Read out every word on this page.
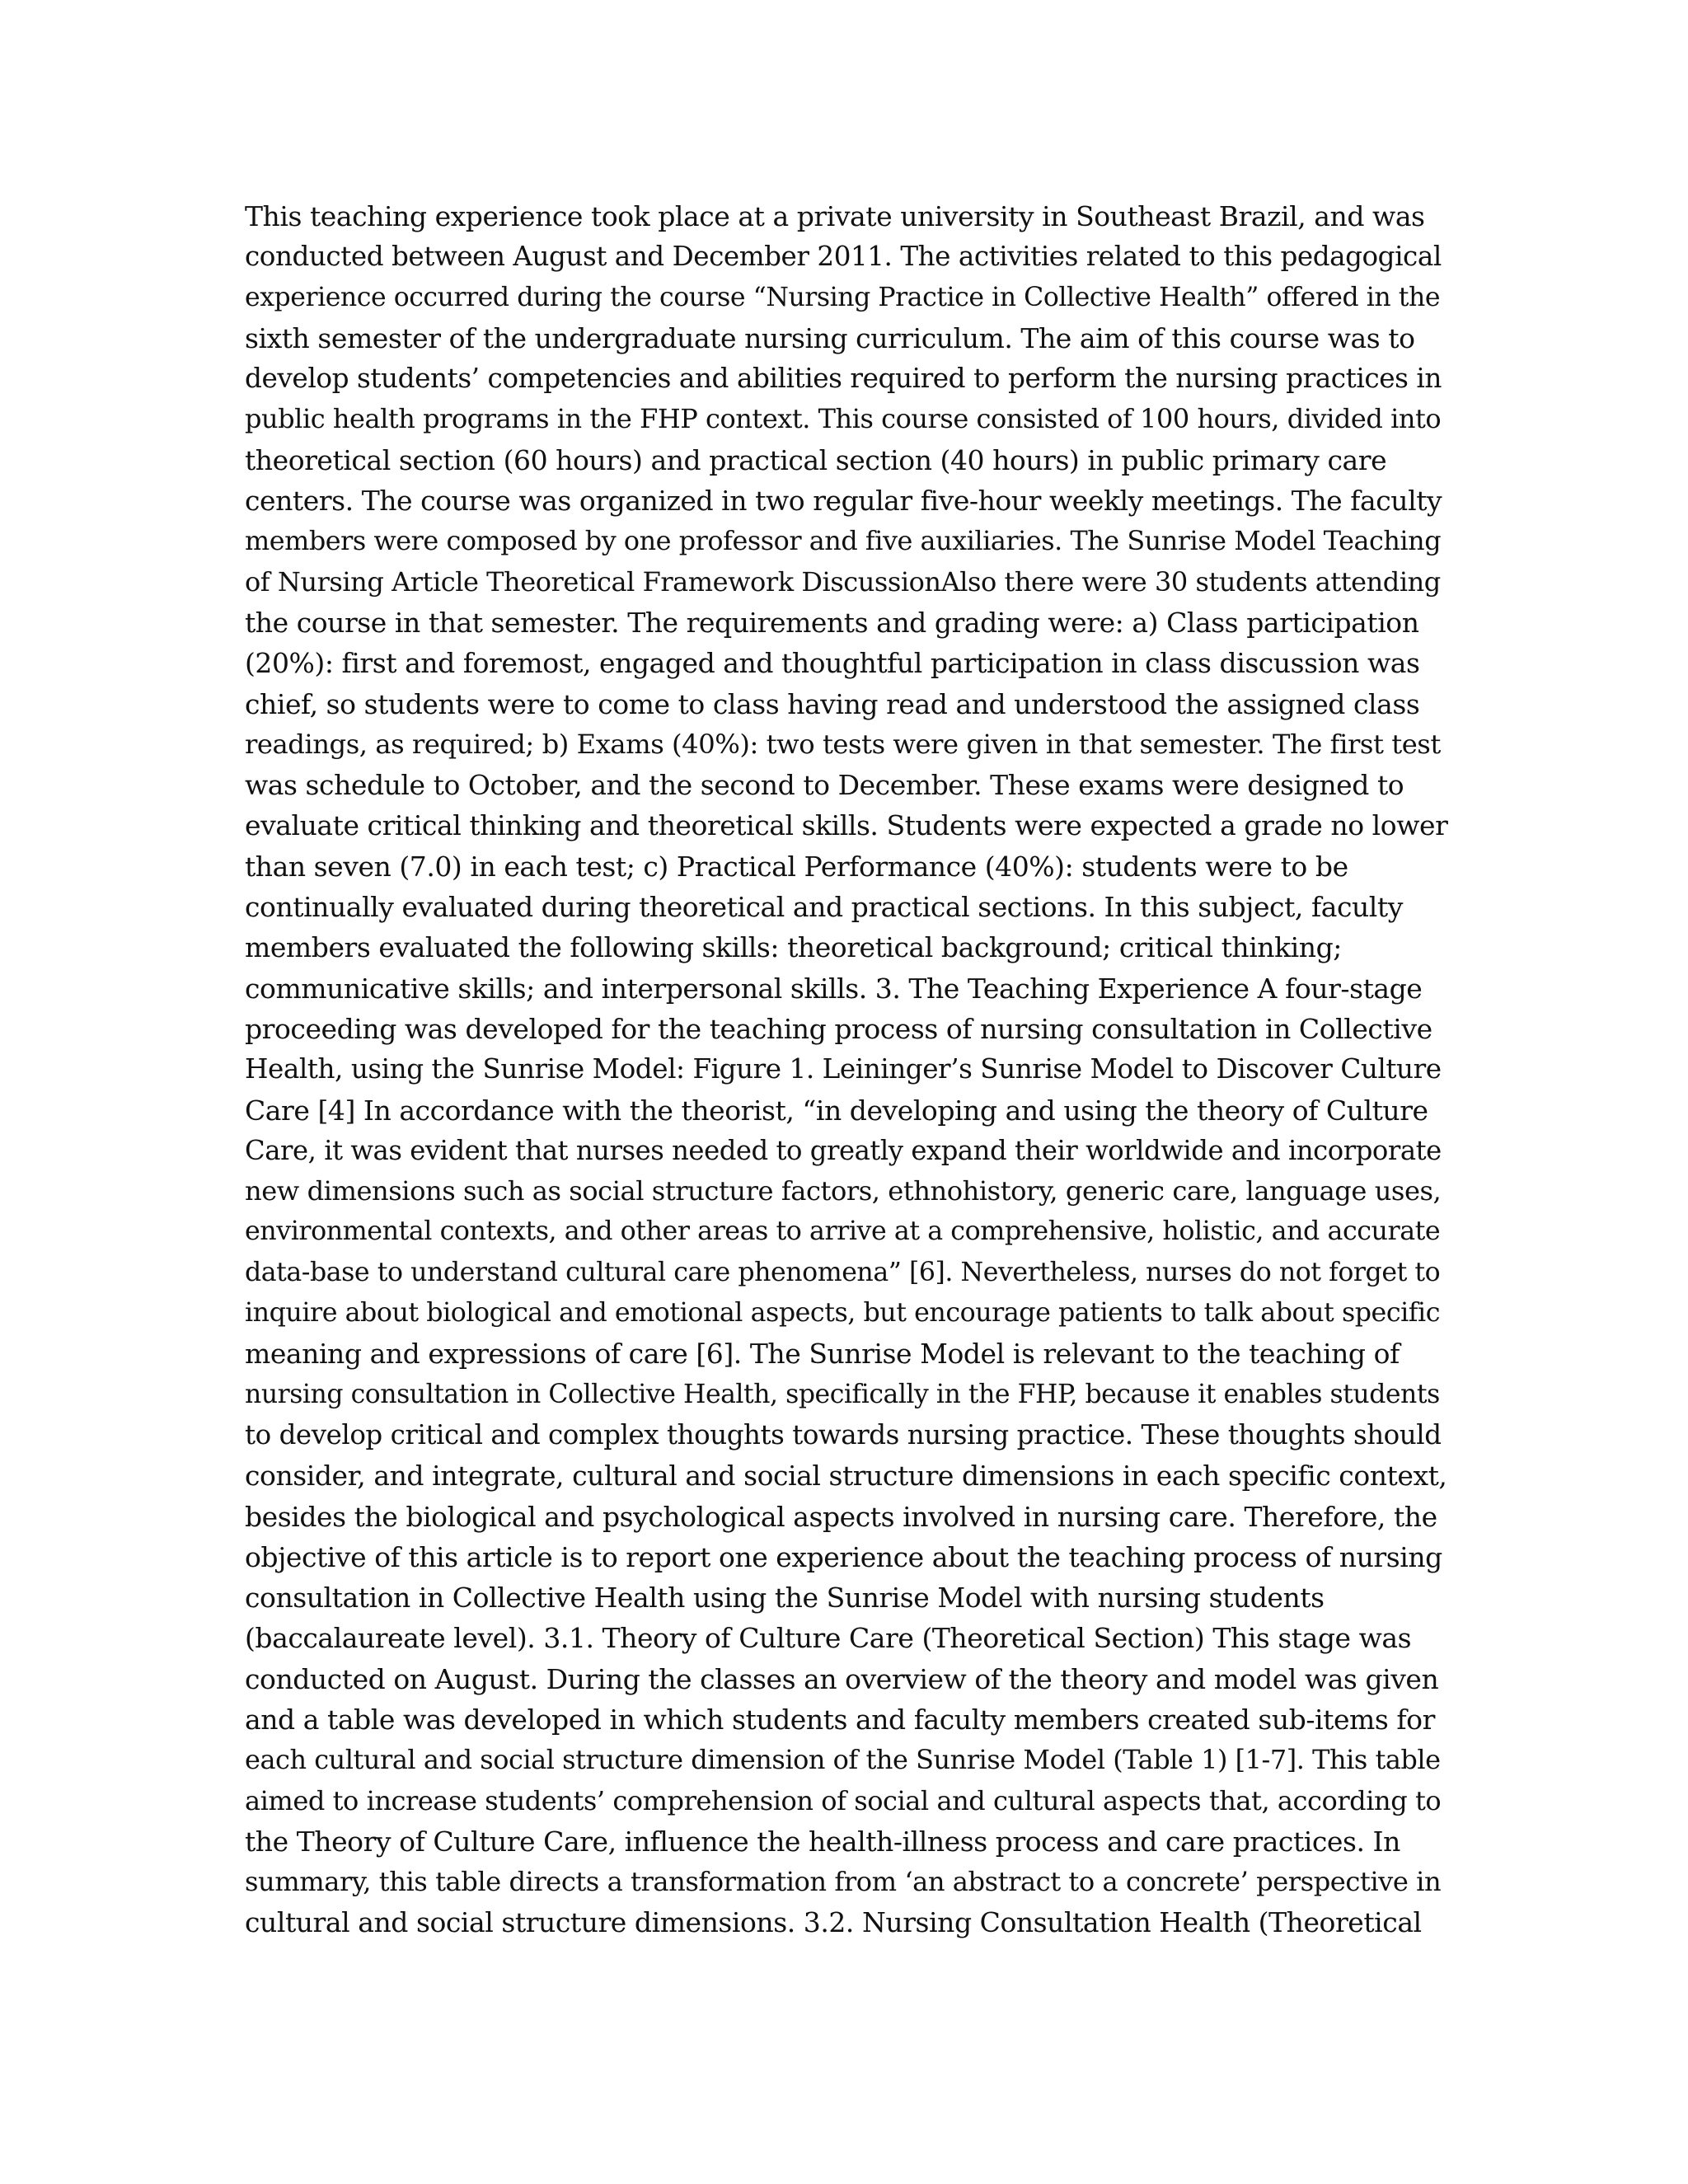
This teaching experience took place at a private university in Southeast Brazil, and was
conducted between August and December 2011. The activities related to this pedagogical
experience occurred during the course “Nursing Practice in Collective Health” offered in the
sixth semester of the undergraduate nursing curriculum. The aim of this course was to
develop students’ competencies and abilities required to perform the nursing practices in
public health programs in the FHP context. This course consisted of 100 hours, divided into
theoretical section (60 hours) and practical section (40 hours) in public primary care
centers. The course was organized in two regular five-hour weekly meetings. The faculty
members were composed by one professor and five auxiliaries. The Sunrise Model Teaching
of Nursing Article Theoretical Framework DiscussionAlso there were 30 students attending
the course in that semester. The requirements and grading were: a) Class participation
(20%): first and foremost, engaged and thoughtful participation in class discussion was
chief, so students were to come to class having read and understood the assigned class
readings, as required; b) Exams (40%): two tests were given in that semester. The first test
was schedule to October, and the second to December. These exams were designed to
evaluate critical thinking and theoretical skills. Students were expected a grade no lower
than seven (7.0) in each test; c) Practical Performance (40%): students were to be
continually evaluated during theoretical and practical sections. In this subject, faculty
members evaluated the following skills: theoretical background; critical thinking;
communicative skills; and interpersonal skills. 3. The Teaching Experience A four-stage
proceeding was developed for the teaching process of nursing consultation in Collective
Health, using the Sunrise Model: Figure 1. Leininger’s Sunrise Model to Discover Culture
Care [4] In accordance with the theorist, “in developing and using the theory of Culture
Care, it was evident that nurses needed to greatly expand their worldwide and incorporate
new dimensions such as social structure factors, ethnohistory, generic care, language uses,
environmental contexts, and other areas to arrive at a comprehensive, holistic, and accurate
data-base to understand cultural care phenomena” [6]. Nevertheless, nurses do not forget to
inquire about biological and emotional aspects, but encourage patients to talk about specific
meaning and expressions of care [6]. The Sunrise Model is relevant to the teaching of
nursing consultation in Collective Health, specifically in the FHP, because it enables students
to develop critical and complex thoughts towards nursing practice. These thoughts should
consider, and integrate, cultural and social structure dimensions in each specific context,
besides the biological and psychological aspects involved in nursing care. Therefore, the
objective of this article is to report one experience about the teaching process of nursing
consultation in Collective Health using the Sunrise Model with nursing students
(baccalaureate level). 3.1. Theory of Culture Care (Theoretical Section) This stage was
conducted on August. During the classes an overview of the theory and model was given
and a table was developed in which students and faculty members created sub-items for
each cultural and social structure dimension of the Sunrise Model (Table 1) [1-7]. This table
aimed to increase students’ comprehension of social and cultural aspects that, according to
the Theory of Culture Care, influence the health-illness process and care practices. In
summary, this table directs a transformation from ‘an abstract to a concrete’ perspective in
cultural and social structure dimensions. 3.2. Nursing Consultation Health (Theoretical
